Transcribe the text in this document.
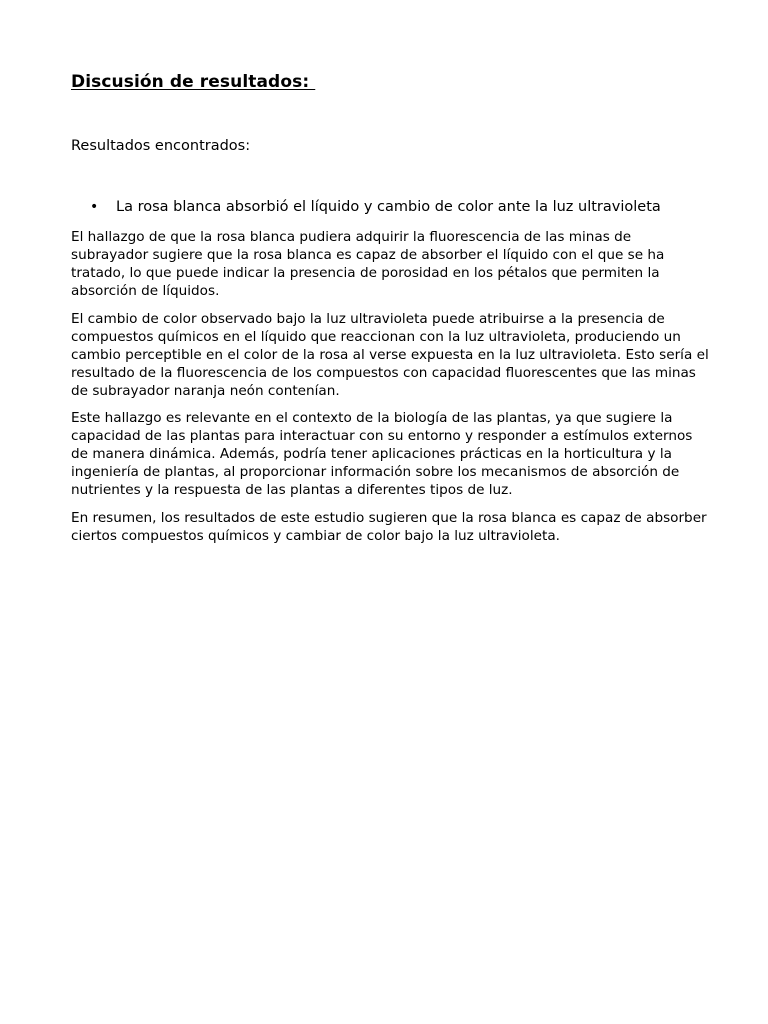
Discusión de resultados:
Resultados encontrados:
•	La rosa blanca absorbió el líquido y cambio de color ante la luz ultravioleta

El hallazgo de que la rosa blanca pudiera adquirir la fluorescencia de las minas de subrayador sugiere que la rosa blanca es capaz de absorber el líquido con el que se ha tratado, lo que puede indicar la presencia de porosidad en los pétalos que permiten la absorción de líquidos.

El cambio de color observado bajo la luz ultravioleta puede atribuirse a la presencia de compuestos químicos en el líquido que reaccionan con la luz ultravioleta, produciendo un cambio perceptible en el color de la rosa al verse expuesta en la luz ultravioleta. Esto sería el resultado de la fluorescencia de los compuestos con capacidad fluorescentes que las minas de subrayador naranja neón contenían.

Este hallazgo es relevante en el contexto de la biología de las plantas, ya que sugiere la capacidad de las plantas para interactuar con su entorno y responder a estímulos externos de manera dinámica. Además, podría tener aplicaciones prácticas en la horticultura y la ingeniería de plantas, al proporcionar información sobre los mecanismos de absorción de nutrientes y la respuesta de las plantas a diferentes tipos de luz.

En resumen, los resultados de este estudio sugieren que la rosa blanca es capaz de absorber ciertos compuestos químicos y cambiar de color bajo la luz ultravioleta.
